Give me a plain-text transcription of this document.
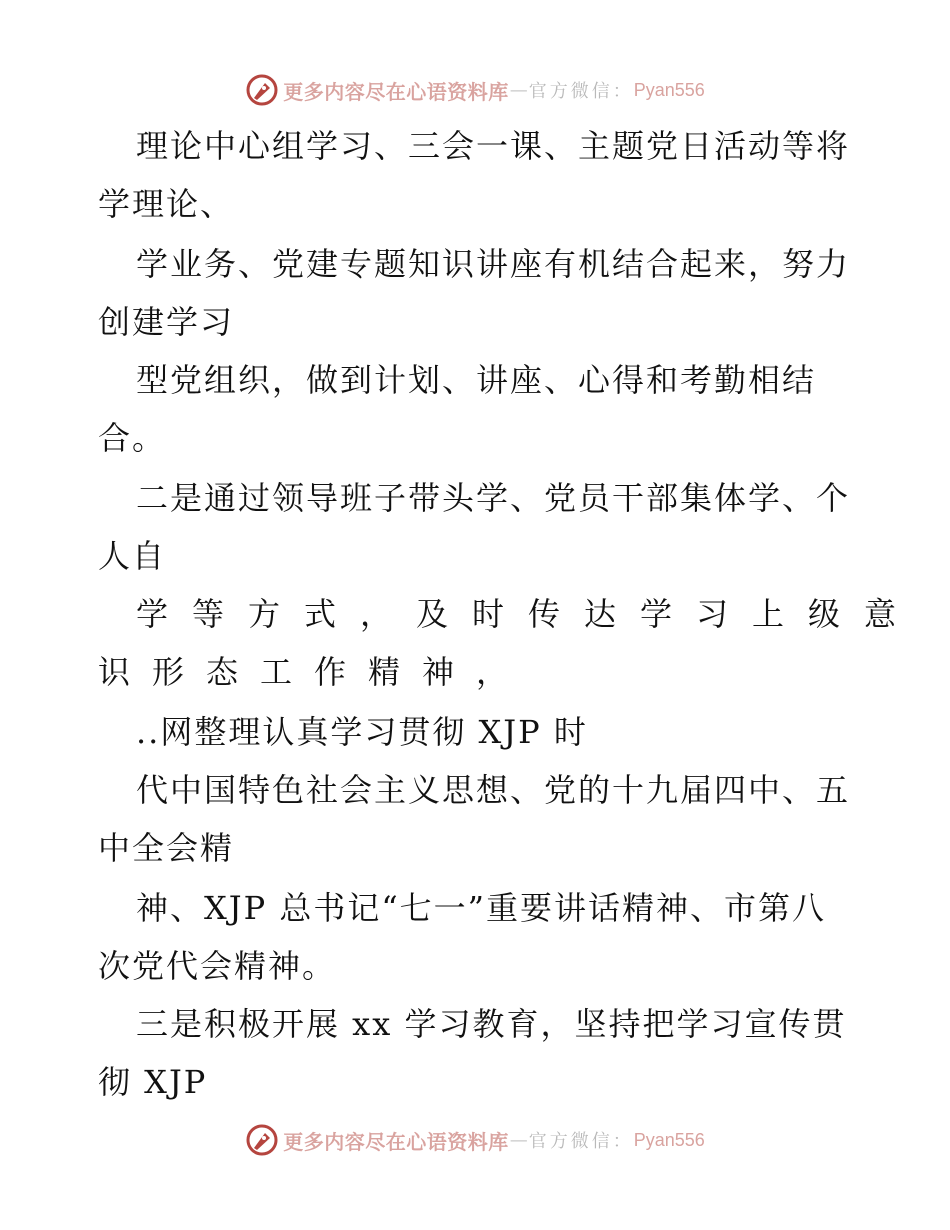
更多内容尽在心语资料库 — 官方微信： Pyan556
理论中心组学习、三会一课、主题党日活动等将
学理论、
学业务、党建专题知识讲座有机结合起来，努力
创建学习
型党组织，做到计划、讲座、心得和考勤相结
合。
二是通过领导班子带头学、党员干部集体学、个
人自
学等方式，及时传达学习上级意
识形态工作精神，
..网整理认真学习贯彻 XJP 时
代中国特色社会主义思想、党的十九届四中、五
中全会精
神、XJP 总书记“七一”重要讲话精神、市第八
次党代会精神。
三是积极开展 xx 学习教育，坚持把学习宣传贯
彻 XJP
更多内容尽在心语资料库 — 官方微信： Pyan556
